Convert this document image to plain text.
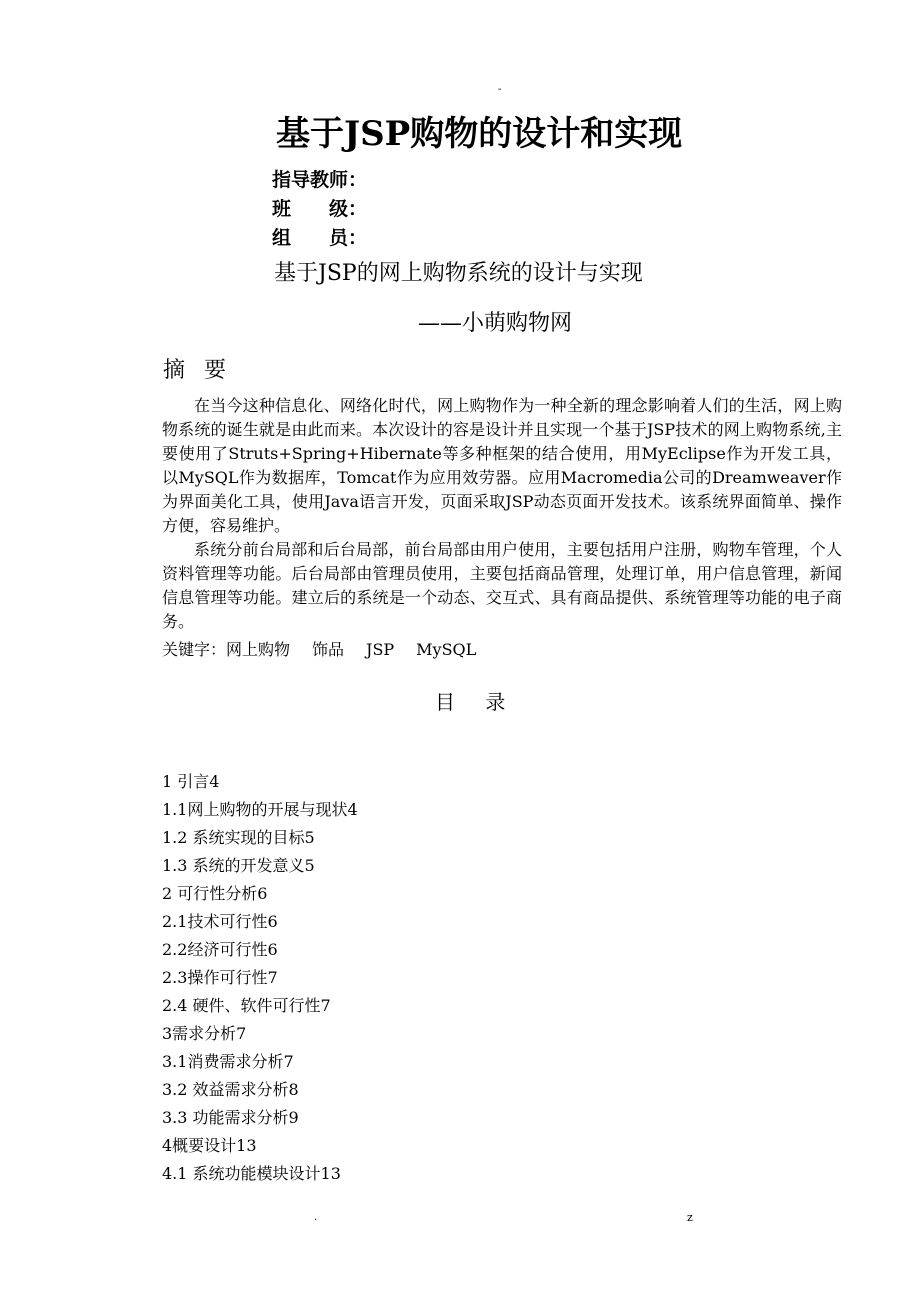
-
基于JSP购物的设计和实现
指导教师：
班　　级：
组　　员：
基于JSP的网上购物系统的设计与实现
——小萌购物网
摘 要

在当今这种信息化、网络化时代，网上购物作为一种全新的理念影响着人们的生活，网上购物系统的诞生就是由此而来。本次设计的容是设计并且实现一个基于JSP技术的网上购物系统,主要使用了Struts+Spring+Hibernate等多种框架的结合使用，用MyEclipse作为开发工具，以MySQL作为数据库，Tomcat作为应用效劳器。应用Macromedia公司的Dreamweaver作为界面美化工具，使用Java语言开发，页面采取JSP动态页面开发技术。该系统界面简单、操作方便，容易维护。

系统分前台局部和后台局部，前台局部由用户使用，主要包括用户注册，购物车管理，个人资料管理等功能。后台局部由管理员使用，主要包括商品管理，处理订单，用户信息管理，新闻信息管理等功能。建立后的系统是一个动态、交互式、具有商品提供、系统管理等功能的电子商务。

关键字：网上购物 饰品 JSP MySQL
目 录
1 引言4
1.1网上购物的开展与现状4
1.2 系统实现的目标5
1.3 系统的开发意义5
2 可行性分析6
2.1技术可行性6
2.2经济可行性6
2.3操作可行性7
2.4 硬件、软件可行性7
3需求分析7
3.1消费需求分析7
3.2 效益需求分析8
3.3 功能需求分析9
4概要设计13
4.1 系统功能模块设计13
.	z
